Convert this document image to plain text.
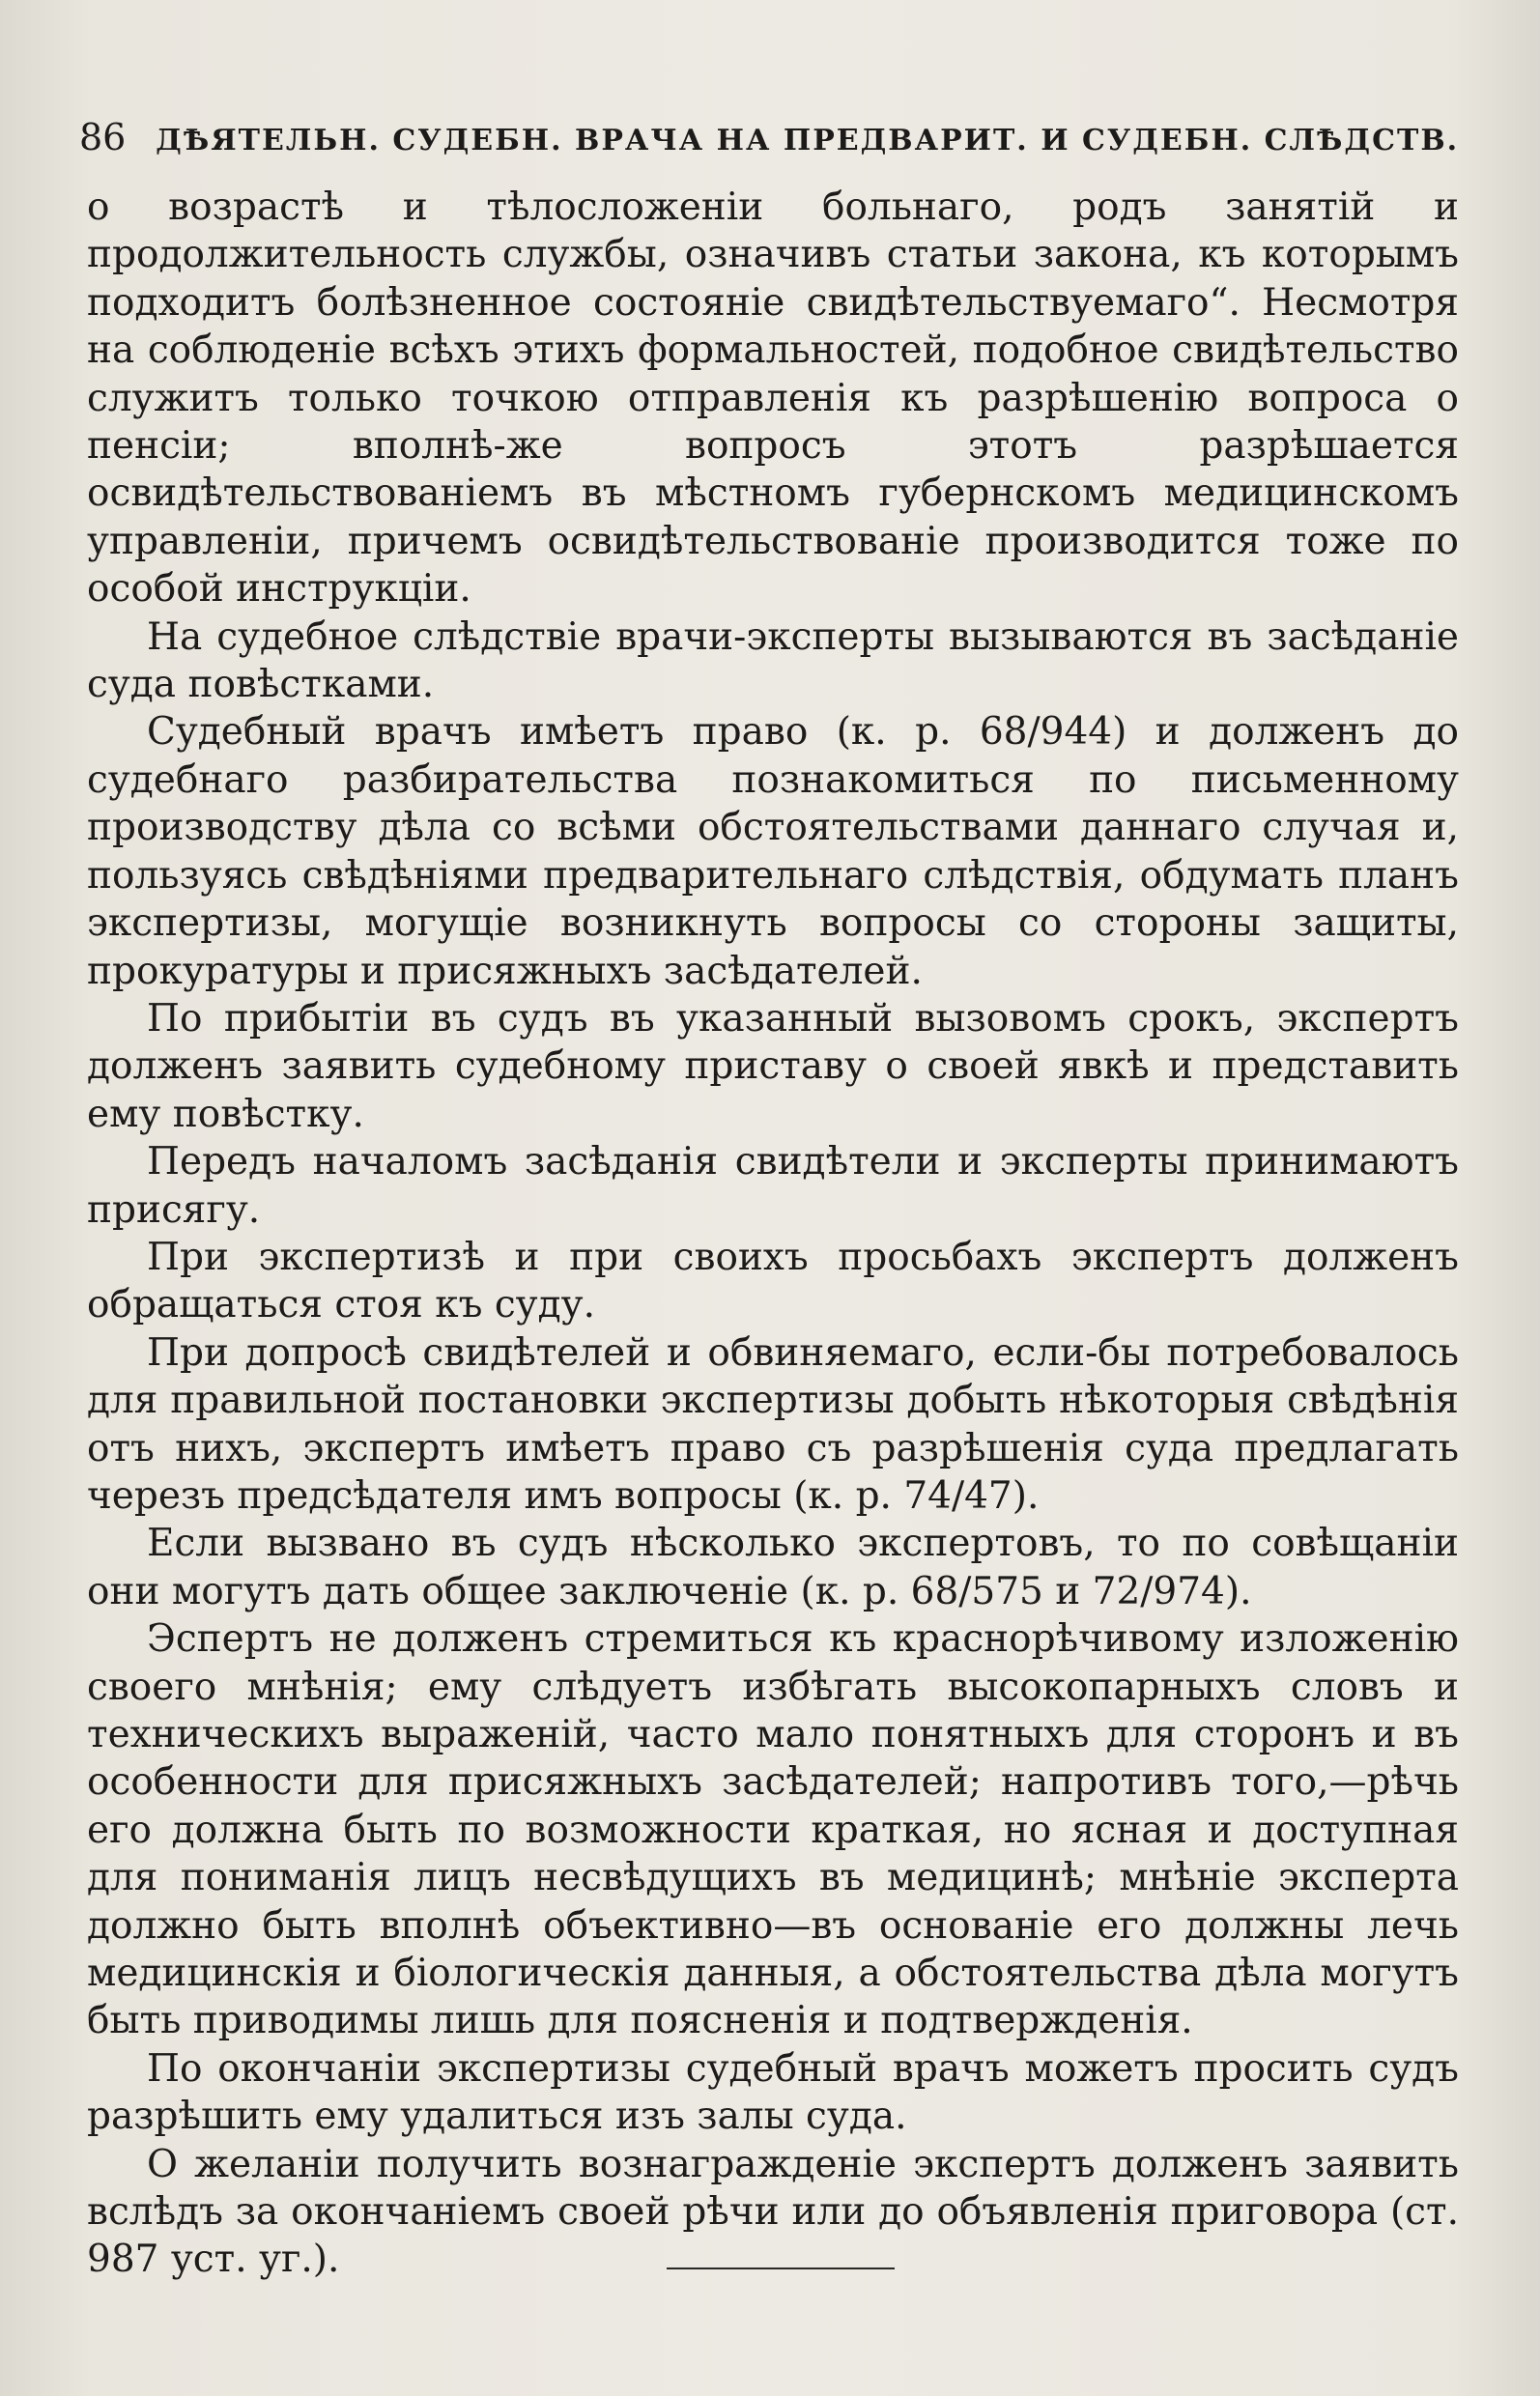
86 ДѢЯТЕЛЬН. СУДЕБН. ВРАЧА НА ПРЕДВАРИТ. И СУДЕБН. СЛѢДСТВ.

о возрастѣ и тѣлосложеніи больнаго, родъ занятій и продолжительность службы, означивъ статьи закона, къ которымъ подходитъ болѣзненное состояніе свидѣтельствуемаго“. Несмотря на соблюденіе всѣхъ этихъ формальностей, подобное свидѣтельство служитъ только точкою отправленія къ разрѣшенію вопроса о пенсіи; вполнѣ-же вопросъ этотъ разрѣшается освидѣтельствованіемъ въ мѣстномъ губернскомъ медицинскомъ управленіи, причемъ освидѣтельствованіе производится тоже по особой инструкціи.

На судебное слѣдствіе врачи-эксперты вызываются въ засѣданіе суда повѣстками.

Судебный врачъ имѣетъ право (к. р. 68/944) и долженъ до судебнаго разбирательства познакомиться по письменному производству дѣла со всѣми обстоятельствами даннаго случая и, пользуясь свѣдѣніями предварительнаго слѣдствія, обдумать планъ экспертизы, могущіе возникнуть вопросы со стороны защиты, прокуратуры и присяжныхъ засѣдателей.

По прибытіи въ судъ въ указанный вызовомъ срокъ, экспертъ долженъ заявить судебному приставу о своей явкѣ и представить ему повѣстку.

Передъ началомъ засѣданія свидѣтели и эксперты принимаютъ присягу.

При экспертизѣ и при своихъ просьбахъ экспертъ долженъ обращаться стоя къ суду.

При допросѣ свидѣтелей и обвиняемаго, если-бы потребовалось для правильной постановки экспертизы добыть нѣкоторыя свѣдѣнія отъ нихъ, экспертъ имѣетъ право съ разрѣшенія суда предлагать черезъ предсѣдателя имъ вопросы (к. р. 74/47).

Если вызвано въ судъ нѣсколько экспертовъ, то по совѣщаніи они могутъ дать общее заключеніе (к. р. 68/575 и 72/974).

Эспертъ не долженъ стремиться къ краснорѣчивому изложенію своего мнѣнія; ему слѣдуетъ избѣгать высокопарныхъ словъ и техническихъ выраженій, часто мало понятныхъ для сторонъ и въ особенности для присяжныхъ засѣдателей; напротивъ того,—рѣчь его должна быть по возможности краткая, но ясная и доступная для пониманія лицъ несвѣдущихъ въ медицинѣ; мнѣніе эксперта должно быть вполнѣ объективно—въ основаніе его должны лечь медицинскія и біологическія данныя, а обстоятельства дѣла могутъ быть приводимы лишь для поясненія и подтвержденія.

По окончаніи экспертизы судебный врачъ можетъ просить судъ разрѣшить ему удалиться изъ залы суда.

О желаніи получить вознагражденіе экспертъ долженъ заявить вслѣдъ за окончаніемъ своей рѣчи или до объявленія приговора (ст. 987 уст. уг.).
